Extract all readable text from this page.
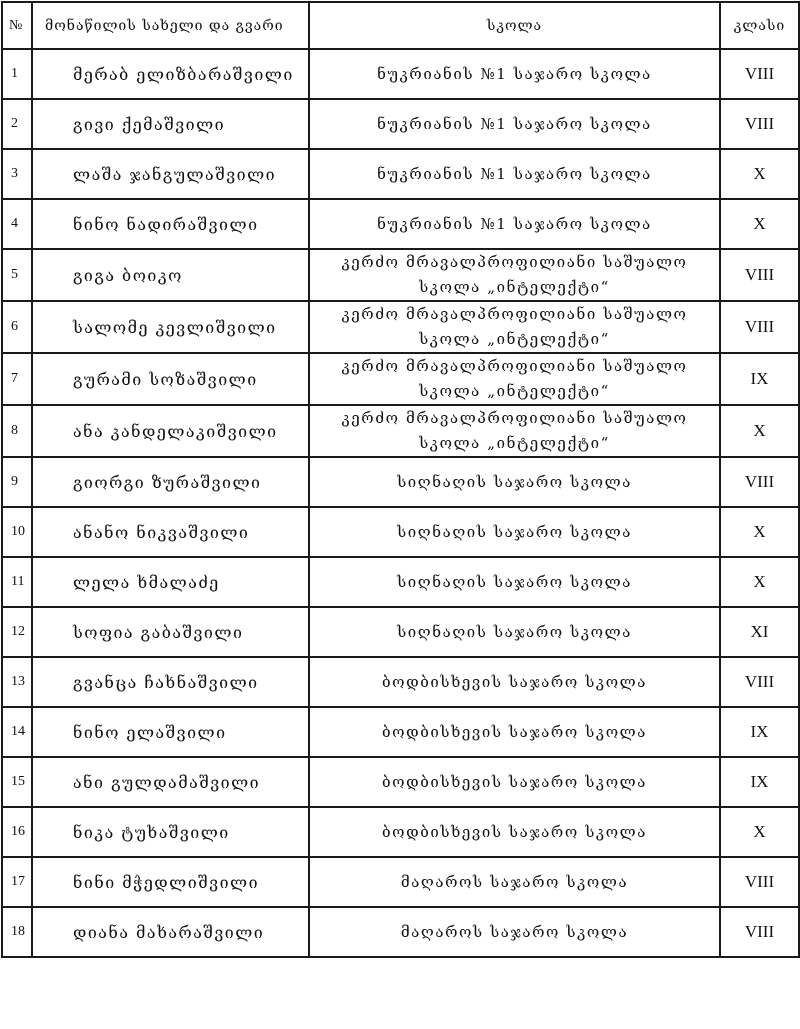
№	მონაწილის სახელი და გვარი	სკოლა	კლასი
1	მერაბ ელიზბარაშვილი	ნუკრიანის №1 საჯარო სკოლა	VIII
2	გივი ქემაშვილი	ნუკრიანის №1 საჯარო სკოლა	VIII
3	ლაშა ჯანგულაშვილი	ნუკრიანის №1 საჯარო სკოლა	X
4	ნინო ნადირაშვილი	ნუკრიანის №1 საჯარო სკოლა	X
5	გიგა ბოიკო	კერძო მრავალპროფილიანი საშუალო სკოლა „ინტელექტი“	VIII
6	სალომე კევლიშვილი	კერძო მრავალპროფილიანი საშუალო სკოლა „ინტელექტი“	VIII
7	გურამი სოზაშვილი	კერძო მრავალპროფილიანი საშუალო სკოლა „ინტელექტი“	IX
8	ანა კანდელაკიშვილი	კერძო მრავალპროფილიანი საშუალო სკოლა „ინტელექტი“	X
9	გიორგი ზურაშვილი	სიღნაღის საჯარო სკოლა	VIII
10	ანანო ნიკვაშვილი	სიღნაღის საჯარო სკოლა	X
11	ლელა ხმალაძე	სიღნაღის საჯარო სკოლა	X
12	სოფია გაბაშვილი	სიღნაღის საჯარო სკოლა	XI
13	გვანცა ჩახნაშვილი	ბოდბისხევის საჯარო სკოლა	VIII
14	ნინო ელაშვილი	ბოდბისხევის საჯარო სკოლა	IX
15	ანი გულდამაშვილი	ბოდბისხევის საჯარო სკოლა	IX
16	ნიკა ტუხაშვილი	ბოდბისხევის საჯარო სკოლა	X
17	ნინი მჭედლიშვილი	მაღაროს საჯარო სკოლა	VIII
18	დიანა მახარაშვილი	მაღაროს საჯარო სკოლა	VIII
